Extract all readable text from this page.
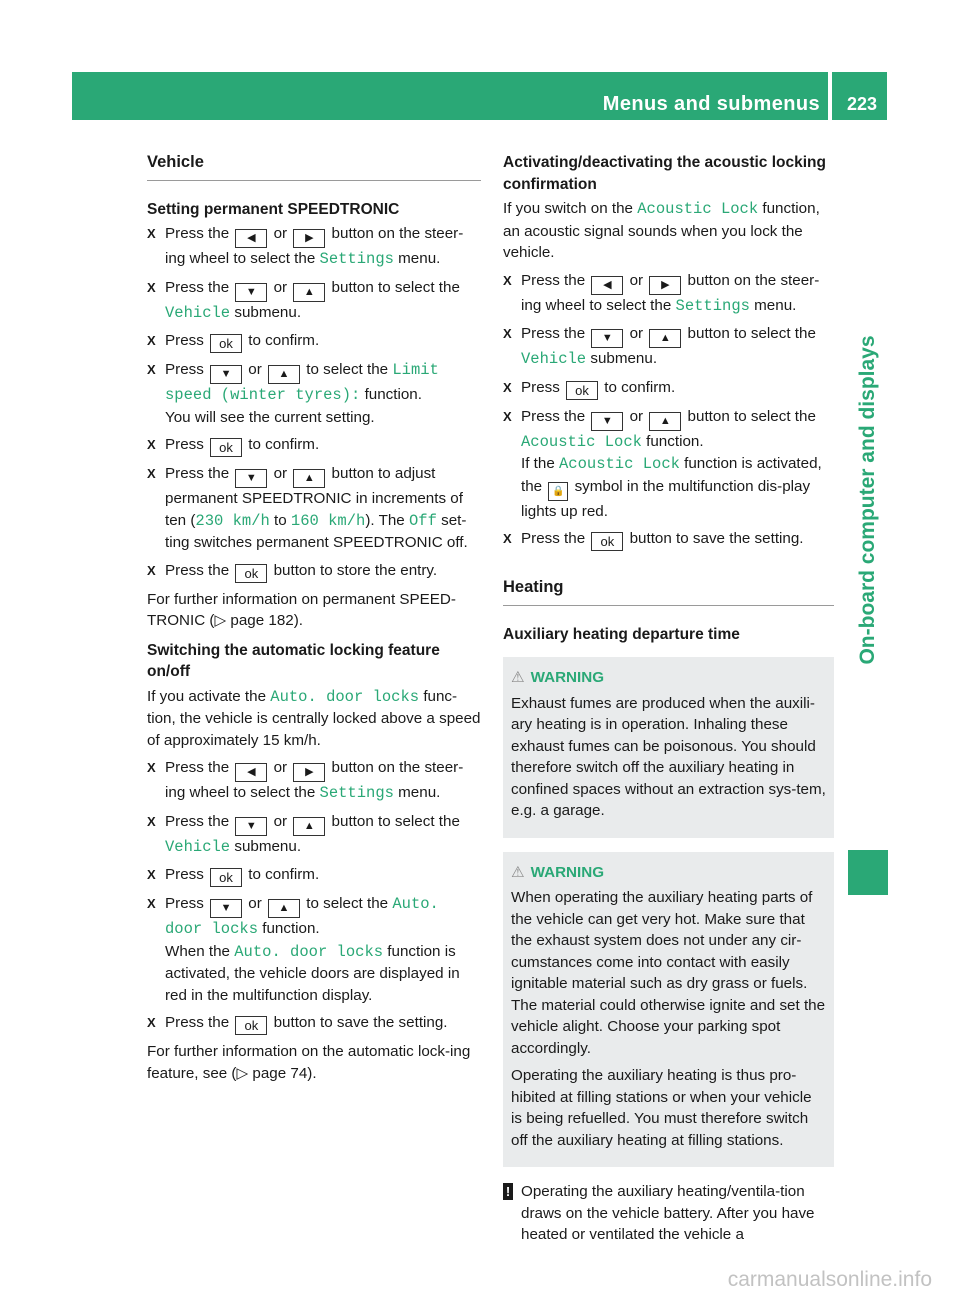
Menus and submenus	223
On-board computer and displays
Vehicle
Setting permanent SPEEDTRONIC
X Press the ◀ or ▶ button on the steer-ing wheel to select the Settings menu.
X Press the ▼ or ▲ button to select the Vehicle submenu.
X Press ok to confirm.
X Press ▼ or ▲ to select the Limit speed (winter tyres): function.
You will see the current setting.
X Press ok to confirm.
X Press the ▼ or ▲ button to adjust permanent SPEEDTRONIC in increments of ten (230 km/h to 160 km/h). The Off set-ting switches permanent SPEEDTRONIC off.
X Press the ok button to store the entry.

For further information on permanent SPEED-TRONIC (▷ page 182).

Switching the automatic locking feature on/off

If you activate the Auto. door locks func-tion, the vehicle is centrally locked above a speed of approximately 15 km/h.

X Press the ◀ or ▶ button on the steer-ing wheel to select the Settings menu.
X Press the ▼ or ▲ button to select the Vehicle submenu.
X Press ok to confirm.
X Press ▼ or ▲ to select the Auto. door locks function.
When the Auto. door locks function is activated, the vehicle doors are displayed in red in the multifunction display.
X Press the ok button to save the setting.

For further information on the automatic lock-ing feature, see (▷ page 74).

Activating/deactivating the acoustic locking confirmation

If you switch on the Acoustic Lock function, an acoustic signal sounds when you lock the vehicle.

X Press the ◀ or ▶ button on the steer-ing wheel to select the Settings menu.
X Press the ▼ or ▲ button to select the Vehicle submenu.
X Press ok to confirm.
X Press the ▼ or ▲ button to select the Acoustic Lock function.
If the Acoustic Lock function is activated, the 🔒 symbol in the multifunction dis-play lights up red.
X Press the ok button to save the setting.
Heating
Auxiliary heating departure time
⚠ WARNING

Exhaust fumes are produced when the auxili-ary heating is in operation. Inhaling these exhaust fumes can be poisonous. You should therefore switch off the auxiliary heating in confined spaces without an extraction sys-tem, e.g. a garage.

⚠ WARNING

When operating the auxiliary heating parts of the vehicle can get very hot. Make sure that the exhaust system does not under any cir-cumstances come into contact with easily ignitable material such as dry grass or fuels. The material could otherwise ignite and set the vehicle alight. Choose your parking spot accordingly.

Operating the auxiliary heating is thus pro-hibited at filling stations or when your vehicle is being refuelled. You must therefore switch off the auxiliary heating at filling stations.

! Operating the auxiliary heating/ventila-tion draws on the vehicle battery. After you have heated or ventilated the vehicle a
carmanualsonline.info
